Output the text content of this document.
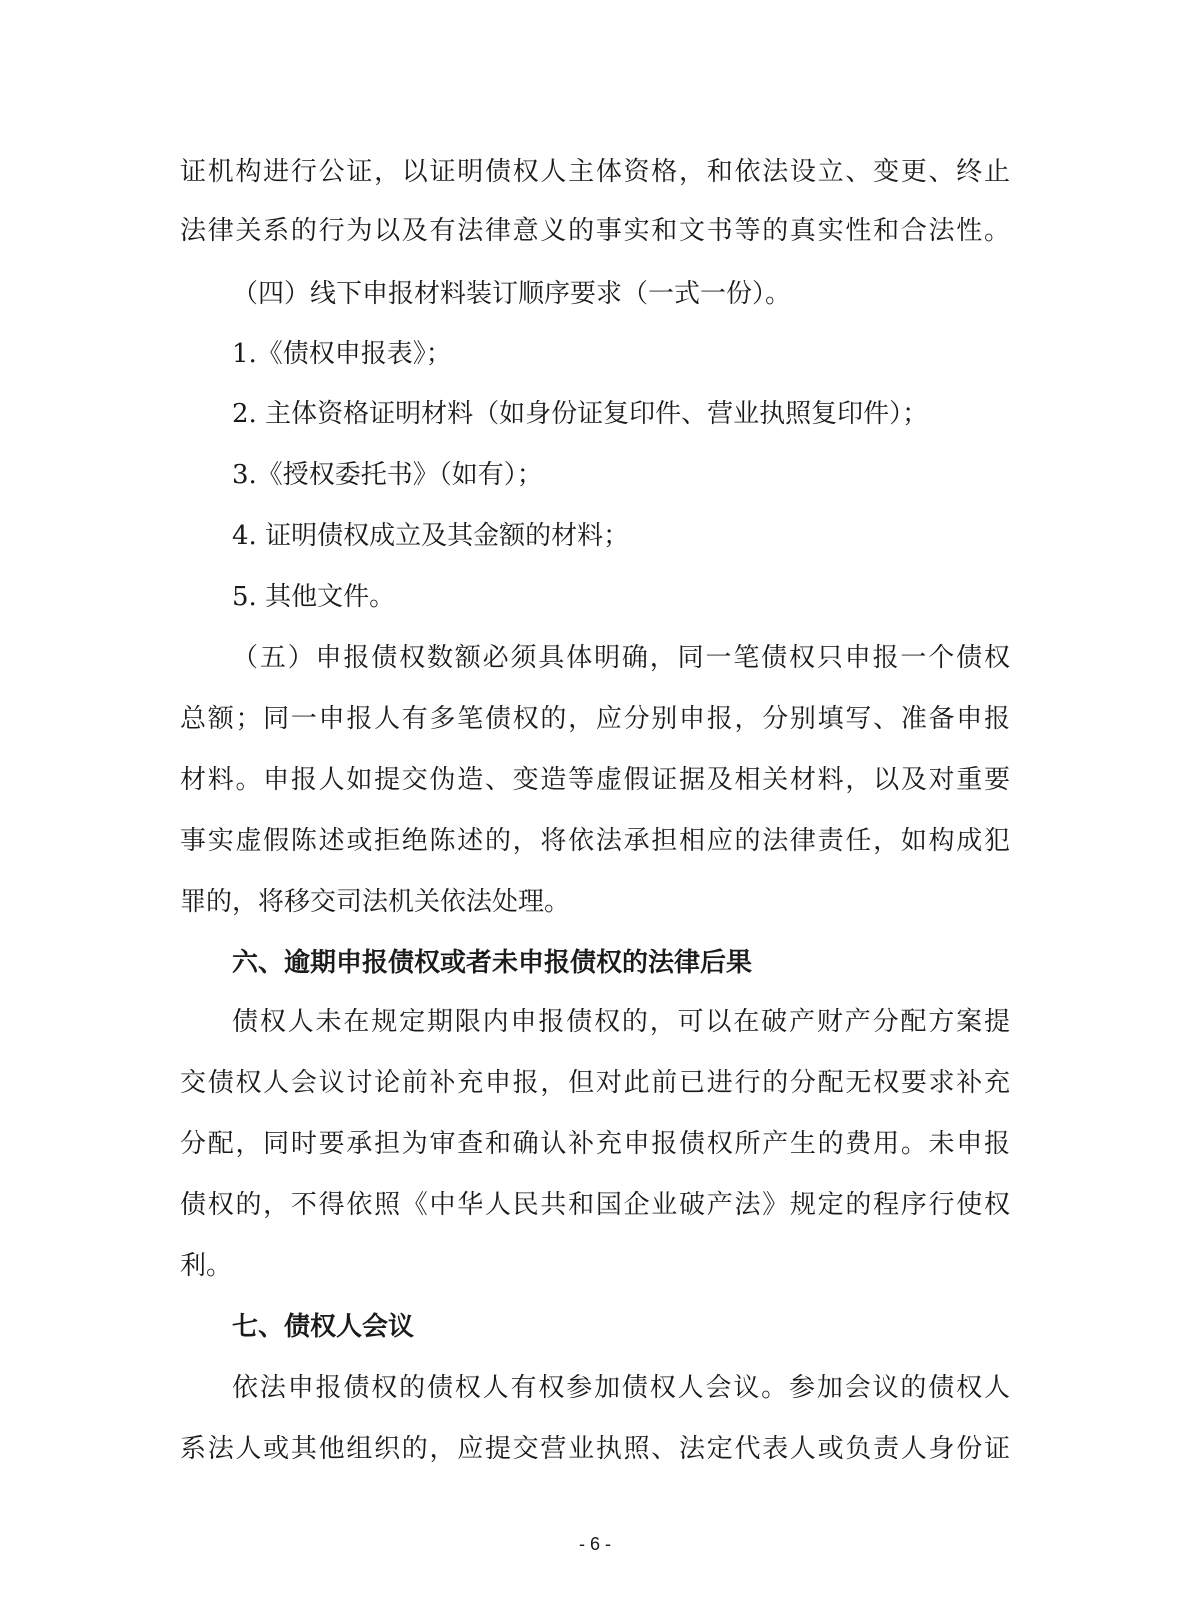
证机构进行公证，以证明债权人主体资格，和依法设立、变更、终止
法律关系的行为以及有法律意义的事实和文书等的真实性和合法性。
（四）线下申报材料装订顺序要求（一式一份）。
1.《债权申报表》；
2. 主体资格证明材料（如身份证复印件、营业执照复印件）；
3.《授权委托书》（如有）；
4. 证明债权成立及其金额的材料；
5. 其他文件。
（五）申报债权数额必须具体明确，同一笔债权只申报一个债权
总额；同一申报人有多笔债权的，应分别申报，分别填写、准备申报
材料。申报人如提交伪造、变造等虚假证据及相关材料，以及对重要
事实虚假陈述或拒绝陈述的，将依法承担相应的法律责任，如构成犯
罪的，将移交司法机关依法处理。
六、逾期申报债权或者未申报债权的法律后果
债权人未在规定期限内申报债权的，可以在破产财产分配方案提
交债权人会议讨论前补充申报，但对此前已进行的分配无权要求补充
分配，同时要承担为审查和确认补充申报债权所产生的费用。未申报
债权的，不得依照《中华人民共和国企业破产法》规定的程序行使权
利。
七、债权人会议
依法申报债权的债权人有权参加债权人会议。参加会议的债权人
系法人或其他组织的，应提交营业执照、法定代表人或负责人身份证
- 6 -
